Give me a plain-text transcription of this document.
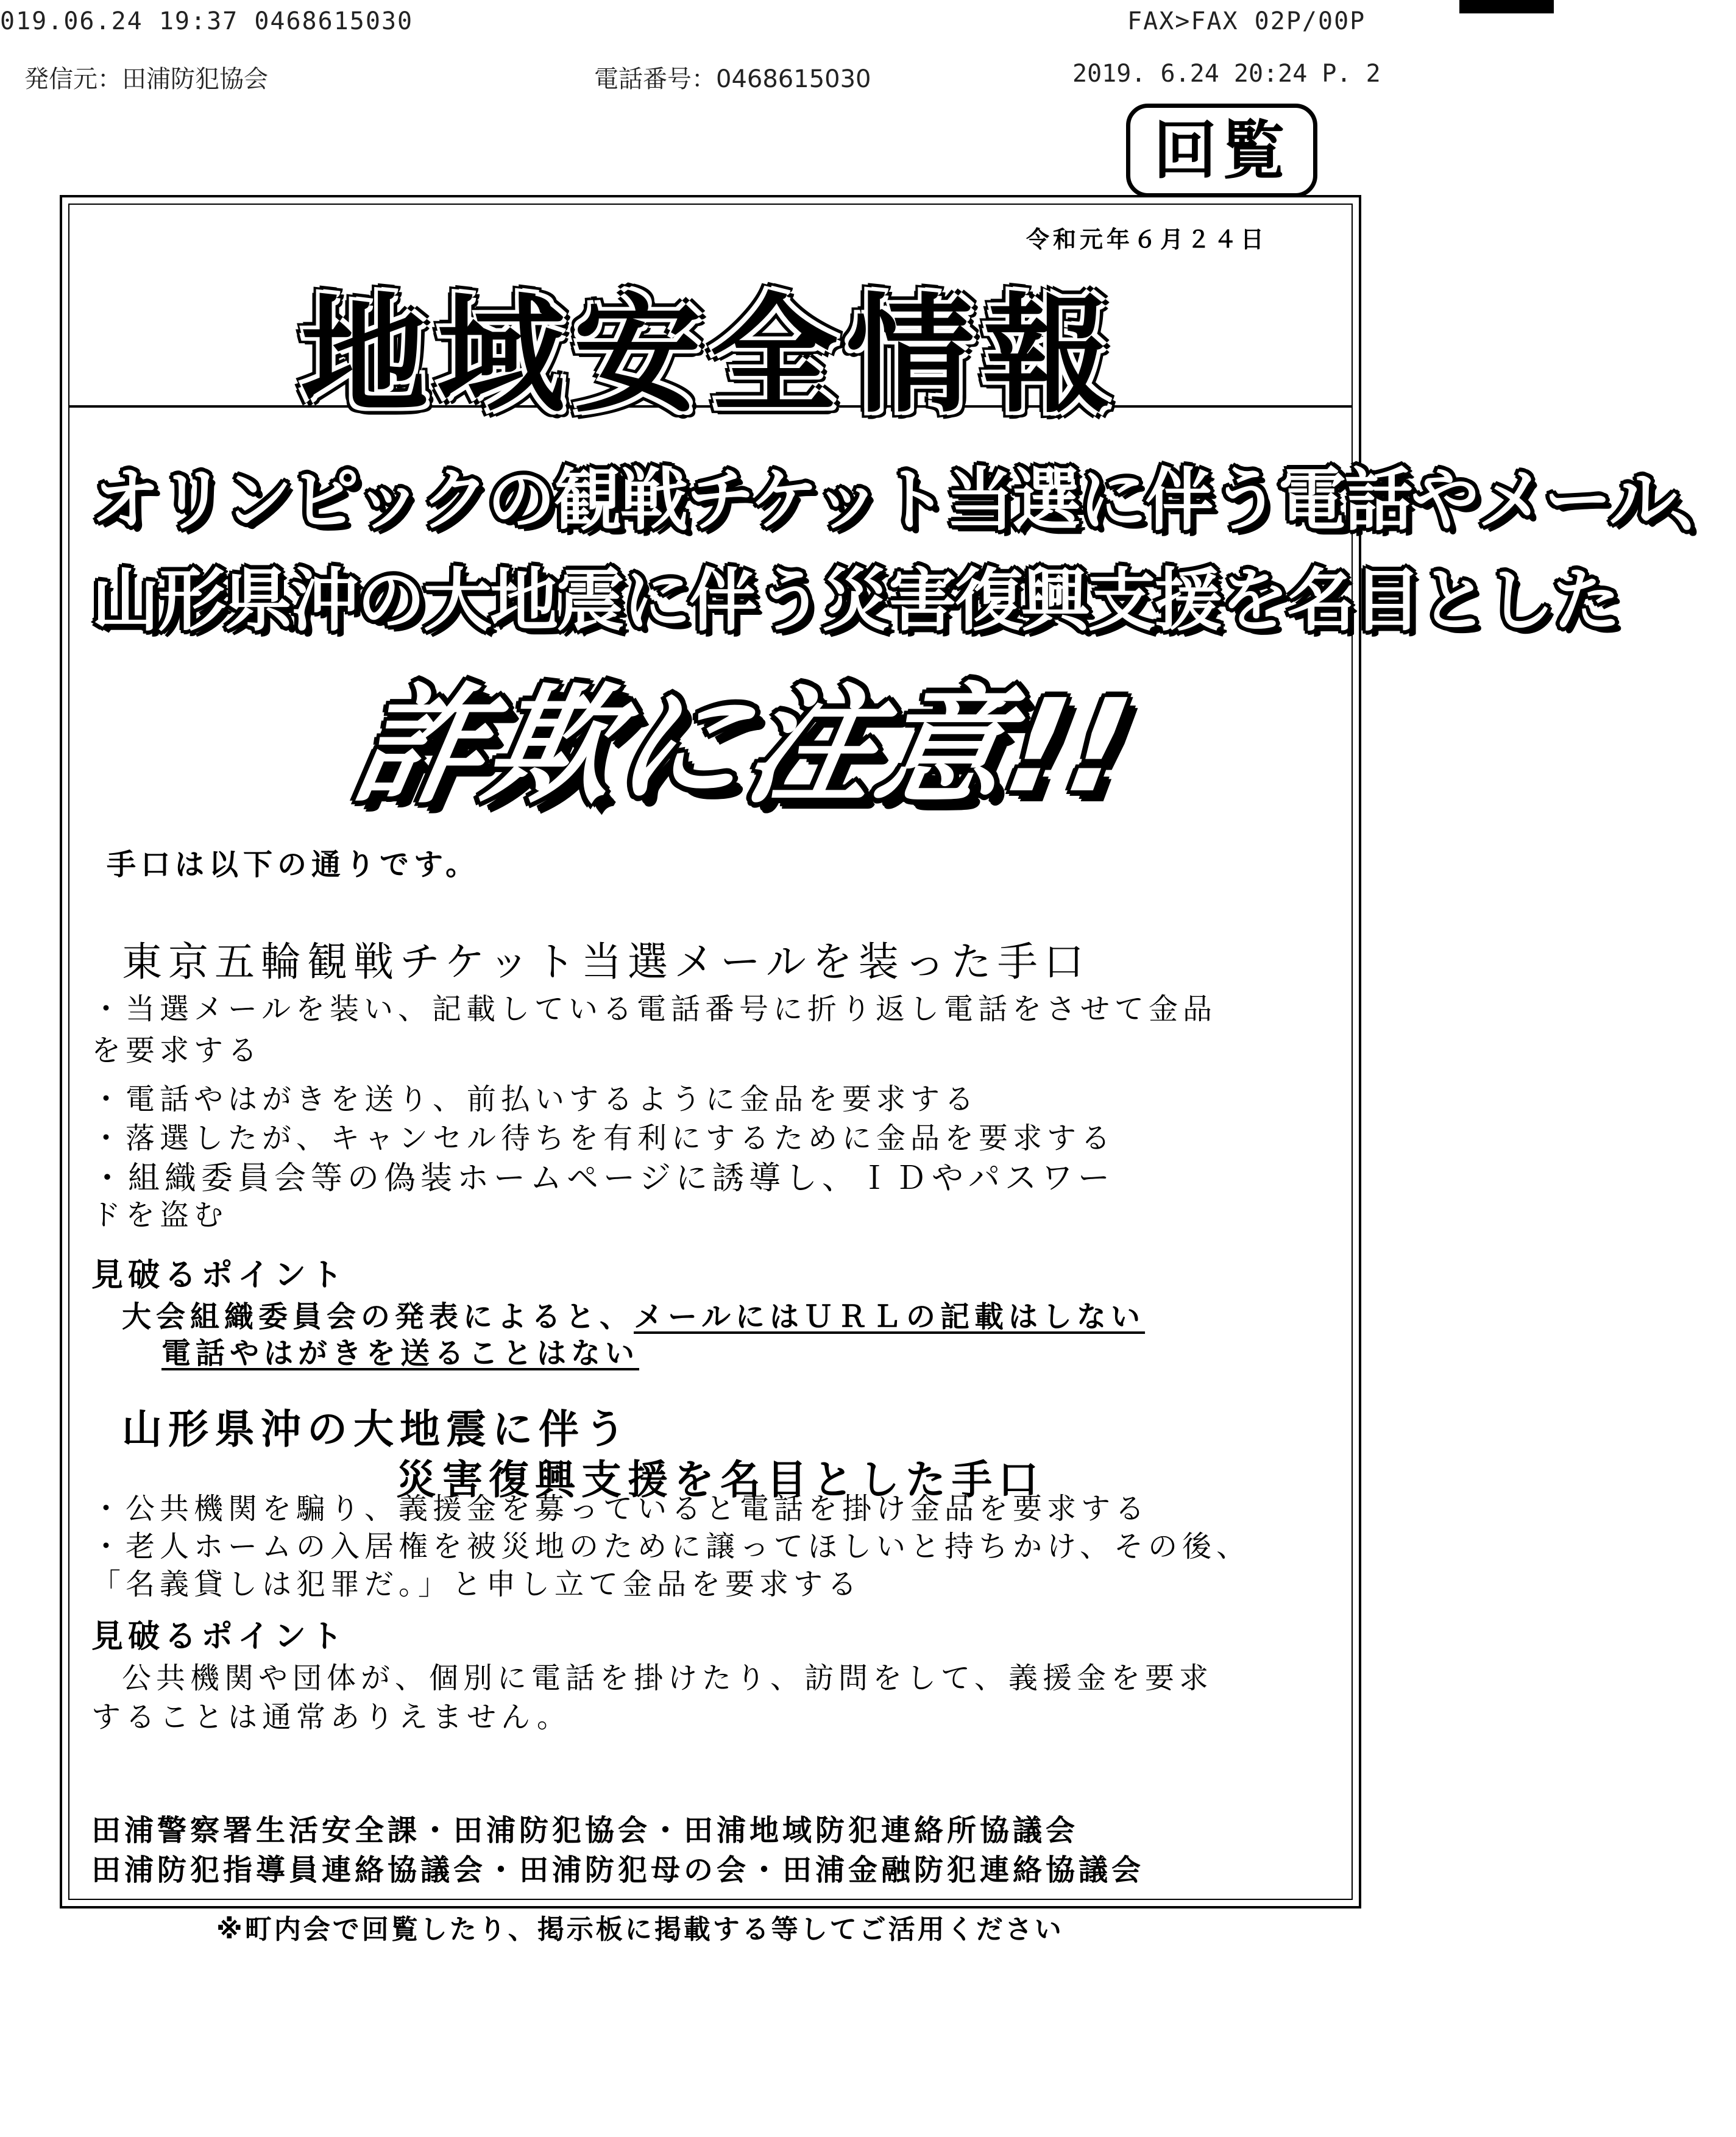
019.06.24 19:37 0468615030	FAX>FAX 02P/00P
発信元：田浦防犯協会	電話番号：0468615030	2019. 6.24 20:24 P. 2
回覧
令和元年６月２４日
地域安全情報
オリンピックの観戦チケット当選に伴う電話やメール、
山形県沖の大地震に伴う災害復興支援を名目とした
詐欺に注意!!
手口は以下の通りです。
東京五輪観戦チケット当選メールを装った手口
・当選メールを装い、記載している電話番号に折り返し電話をさせて金品
を要求する
・電話やはがきを送り、前払いするように金品を要求する
・落選したが、キャンセル待ちを有利にするために金品を要求する
・組織委員会等の偽装ホームページに誘導し、ＩＤやパスワー
ドを盗む
見破るポイント
大会組織委員会の発表によると、メールにはＵＲＬの記載はしない
電話やはがきを送ることはない
山形県沖の大地震に伴う
災害復興支援を名目とした手口
・公共機関を騙り、義援金を募っていると電話を掛け金品を要求する
・老人ホームの入居権を被災地のために譲ってほしいと持ちかけ、その後、
「名義貸しは犯罪だ。」と申し立て金品を要求する
見破るポイント
公共機関や団体が、個別に電話を掛けたり、訪問をして、義援金を要求
することは通常ありえません。
田浦警察署生活安全課・田浦防犯協会・田浦地域防犯連絡所協議会
田浦防犯指導員連絡協議会・田浦防犯母の会・田浦金融防犯連絡協議会
※町内会で回覧したり、掲示板に掲載する等してご活用ください
